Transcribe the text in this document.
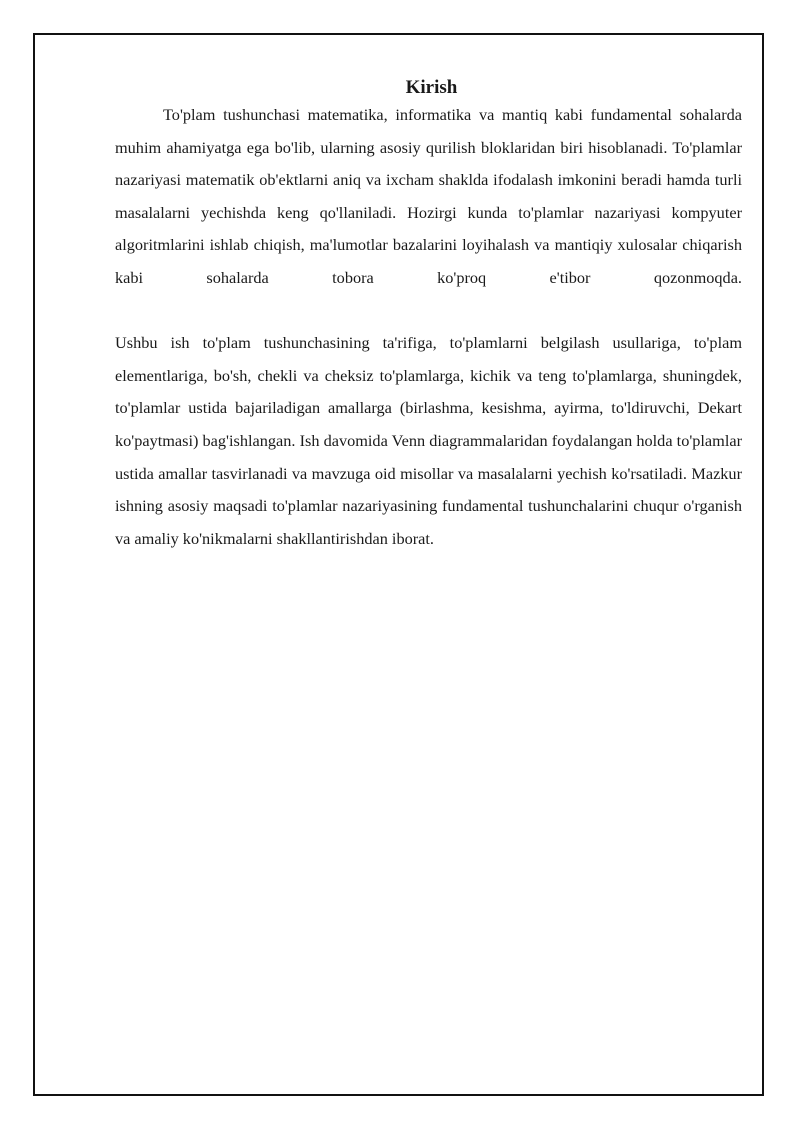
Kirish

To'plam tushunchasi matematika, informatika va mantiq kabi fundamental sohalarda muhim ahamiyatga ega bo'lib, ularning asosiy qurilish bloklaridan biri hisoblanadi. To'plamlar nazariyasi matematik ob'ektlarni aniq va ixcham shaklda ifodalash imkonini beradi hamda turli masalalarni yechishda keng qo'llaniladi. Hozirgi kunda to'plamlar nazariyasi kompyuter algoritmlarini ishlab chiqish, ma'lumotlar bazalarini loyihalash va mantiqiy xulosalar chiqarish kabi sohalarda tobora ko'proq e'tibor qozonmoqda.

Ushbu ish to'plam tushunchasining ta'rifiga, to'plamlarni belgilash usullariga, to'plam elementlariga, bo'sh, chekli va cheksiz to'plamlarga, kichik va teng to'plamlarga, shuningdek, to'plamlar ustida bajariladigan amallarga (birlashma, kesishma, ayirma, to'ldiruvchi, Dekart ko'paytmasi) bag'ishlangan. Ish davomida Venn diagrammalaridan foydalangan holda to'plamlar ustida amallar tasvirlanadi va mavzuga oid misollar va masalalarni yechish ko'rsatiladi. Mazkur ishning asosiy maqsadi to'plamlar nazariyasining fundamental tushunchalarini chuqur o'rganish va amaliy ko'nikmalarni shakllantirishdan iborat.
